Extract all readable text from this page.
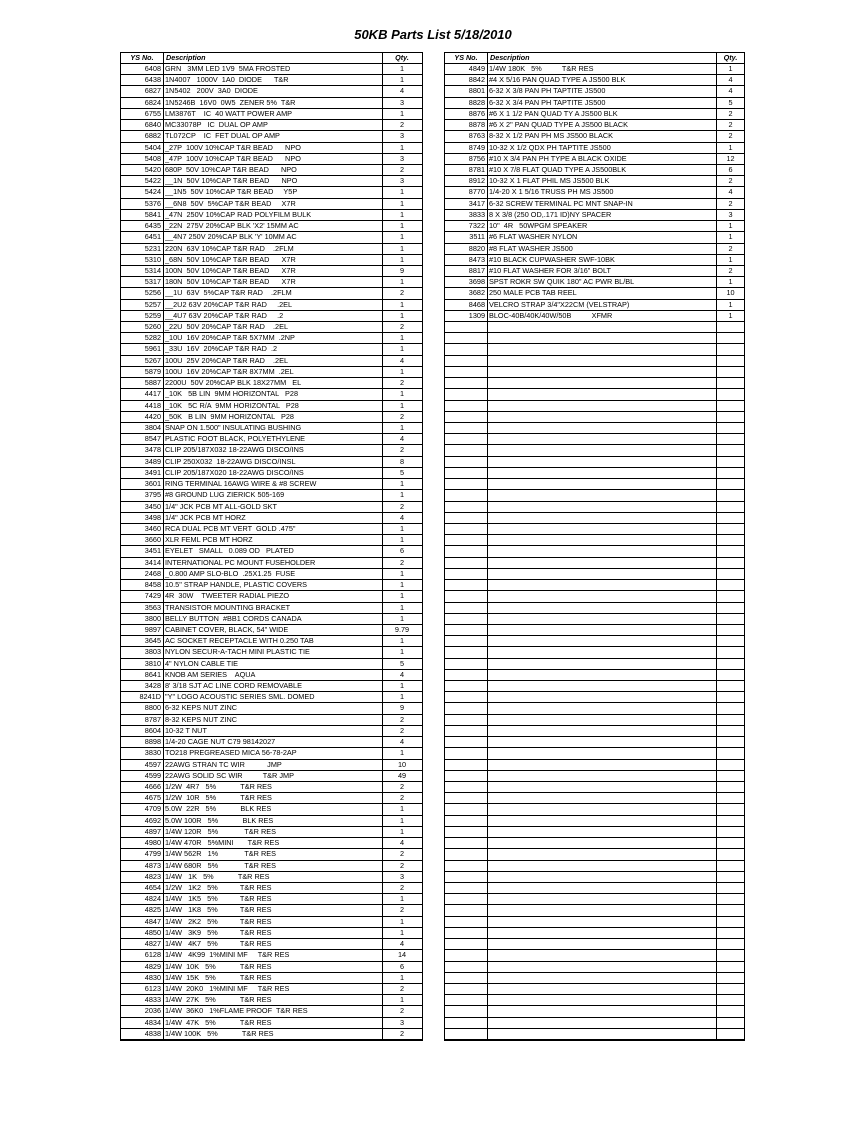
50KB Parts List 5/18/2010
YS No.	Description	Qty.
6408 GRN   3MM LED 1V9  5MA FROSTED	1
6438 1N4007   1000V  1A0  DIODE      T&R	1
6827 1N5402   200V  3A0  DIODE	4
6824 1N5246B  16V0  0W5  ZENER 5%  T&R	3
6755 LM3876T    IC  40 WATT POWER AMP	1
6840 MC33078P   IC  DUAL OP AMP	2
6882 TL072CP    IC  FET DUAL OP AMP	3
5404 _27P  100V 10%CAP T&R BEAD      NPO	1
5408 _47P  100V 10%CAP T&R BEAD      NPO	3
5420 680P  50V 10%CAP T&R BEAD      NPO	2
5422 __1N  50V 10%CAP T&R BEAD      NPO	3
5424 __1N5  50V 10%CAP T&R BEAD     Y5P	1
5376 __6N8  50V  5%CAP T&R BEAD     X7R	1
5841 _47N  250V 10%CAP RAD POLYFILM BULK	1
6435 _22N  275V 20%CAP BLK 'X2' 15MM AC	1
6451 __4N7 250V 20%CAP BLK 'Y' 10MM AC	1
5231 220N  63V 10%CAP T&R RAD    .2FLM	1
5310 _68N  50V 10%CAP T&R BEAD      X7R	1
5314 100N  50V 10%CAP T&R BEAD      X7R	9
5317 180N  50V 10%CAP T&R BEAD      X7R	1
5256 __1U  63V  5%CAP T&R RAD    .2FLM	2
5257 __2U2 63V 20%CAP T&R RAD     .2EL	1
5259 __4U7 63V 20%CAP T&R RAD     .2	1
5260 _22U  50V 20%CAP T&R RAD    .2EL	2
5282 _10U  16V 20%CAP T&R 5X7MM  .2NP	1
5961 _33U  16V  20%CAP T&R RAD  .2	1
5267 100U  25V 20%CAP T&R RAD    .2EL	4
5879 100U  16V 20%CAP T&R 8X7MM  .2EL	1
5887 2200U  50V 20%CAP BLK 18X27MM   EL	2
4417 _10K   5B LIN  9MM HORIZONTAL   P28	1
4418 _10K   5C R/A  9MM HORIZONTAL   P28	1
4420 _50K   B LIN  9MM HORIZONTAL   P28	2
3804 SNAP ON 1.500" INSULATING BUSHING	1
8547 PLASTIC FOOT BLACK, POLYETHYLENE	4
3478 CLIP 205/187X032 18-22AWG DISCO/INS	2
3489 CLIP 250X032  18-22AWG DISCO/INSL	8
3491 CLIP 205/187X020 18-22AWG DISCO/INS	5
3601 RING TERMINAL 16AWG WIRE & #8 SCREW	1
3795 #8 GROUND LUG ZIERICK 505-169	1
3450 1/4" JCK PCB MT ALL-GOLD SKT	2
3498 1/4" JCK PCB MT HORZ	4
3460 RCA DUAL PCB MT VERT  GOLD .475"	1
3660 XLR FEML PCB MT HORZ	1
3451 EYELET   SMALL   0.089 OD   PLATED	6
3414 INTERNATIONAL PC MOUNT FUSEHOLDER	2
2468 _0.800 AMP SLO-BLO  .25X1.25  FUSE	1
8458 10.5" STRAP HANDLE, PLASTIC COVERS	1
7429 4R  30W    TWEETER RADIAL PIEZO	1
3563 TRANSISTOR MOUNTING BRACKET	1
3800 BELLY BUTTON  #BB1 CORDS CANADA	1
9897 CABINET COVER, BLACK, 54" WIDE	9.79
3645 AC SOCKET RECEPTACLE WITH 0.250 TAB	1
3803 NYLON SECUR-A-TACH MINI PLASTIC TIE	1
3810 4" NYLON CABLE TIE	5
8641 KNOB AM SERIES    AQUA	4
3428 8' 3/18 SJT AC LINE CORD REMOVABLE	1
8241D "Y" LOGO ACOUSTIC SERIES SML. DOMED	1
8800 6-32 KEPS NUT ZINC	9
8787 8-32 KEPS NUT ZINC	2
8604 10-32 T NUT	2
8898 1/4-20 CAGE NUT C79 98142027	4
3830 TO218 PREGREASED MICA 56-78-2AP	1
4597 22AWG STRAN TC WIR           JMP	10
4599 22AWG SOLID SC WIR          T&R JMP	49
4666 1/2W  4R7   5%            T&R RES	2
4675 1/2W  10R   5%            T&R RES	2
4709 5.0W  22R   5%            BLK RES	1
4692 5.0W 100R   5%            BLK RES	1
4897 1/4W 120R   5%             T&R RES	1
4980 1/4W 470R   5%MINI       T&R RES	4
4799 1/4W 562R   1%             T&R RES	2
4873 1/4W 680R   5%             T&R RES	2
4823 1/4W   1K   5%            T&R RES	3
4654 1/2W   1K2   5%           T&R RES	2
4824 1/4W   1K5   5%           T&R RES	1
4825 1/4W   1K8   5%           T&R RES	2
4847 1/4W   2K2   5%           T&R RES	1
4850 1/4W   3K9   5%           T&R RES	1
4827 1/4W   4K7   5%           T&R RES	4
6128 1/4W   4K99  1%MINI MF     T&R RES	14
4829 1/4W  10K   5%            T&R RES	6
4830 1/4W  15K   5%            T&R RES	1
6123 1/4W  20K0   1%MINI MF     T&R RES	2
4833 1/4W  27K   5%            T&R RES	1
2036 1/4W  36K0   1%FLAME PROOF  T&R RES	2
4834 1/4W  47K   5%            T&R RES	3
4838 1/4W 100K   5%            T&R RES	2
YS No.	Description	Qty.
4849 1/4W 180K   5%          T&R RES	1
8842 #4 X 5/16 PAN QUAD TYPE A JS500 BLK	4
8801 6-32 X 3/8 PAN PH TAPTITE JS500	4
8828 6-32 X 3/4 PAN PH TAPTITE JS500	5
8876 #6 X 1 1/2 PAN QUAD TY A JS500 BLK	2
8878 #6 X 2" PAN QUAD TYPE A JS500 BLACK	2
8763 8-32 X 1/2 PAN PH MS JS500 BLACK	2
8749 10-32 X 1/2 QDX PH TAPTITE JS500	1
8756 #10 X 3/4 PAN PH TYPE A BLACK OXIDE	12
8781 #10 X 7/8 FLAT QUAD TYPE A JS500BLK	6
8912 10-32 X 1 FLAT PHIL MS JS500 BLK	2
8770 1/4-20 X 1 5/16 TRUSS PH MS JS500	4
3417 6-32 SCREW TERMINAL PC MNT SNAP-IN	2
3833 8 X 3/8 (250 OD,.171 ID)NY SPACER	3
7322 10"  4R   50WPGM SPEAKER	1
3511 #6 FLAT WASHER NYLON	1
8820 #8 FLAT WASHER JS500	2
8473 #10 BLACK CUPWASHER SWF-10BK	1
8817 #10 FLAT WASHER FOR 3/16" BOLT	2
3698 SPST ROKR SW QUIK 180" AC PWR BL/BL	1
3682 250 MALE PCB TAB REEL	10
8468 VELCRO STRAP 3/4"X22CM (VELSTRAP)	1
1309 BLOC-40B/40K/40W/50B          XFMR	1
